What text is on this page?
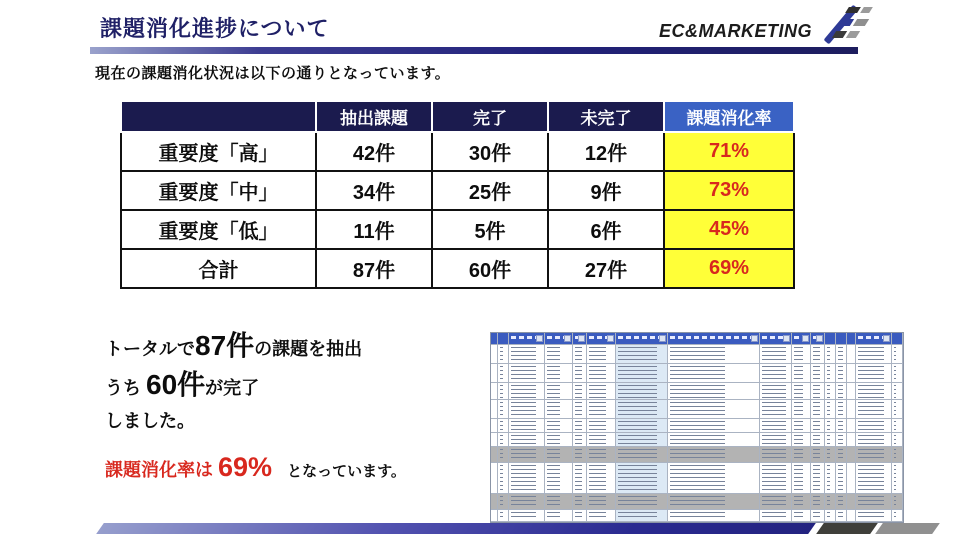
課題消化進捗について	EC&MARKETING
現在の課題消化状況は以下の通りとなっています。
	抽出課題	完了	未完了	課題消化率
重要度「高」	42件	30件	12件	71%
重要度「中」	34件	25件	9件	73%
重要度「低」	11件	5件	6件	45%
合計	87件	60件	27件	69%
トータルで87件の課題を抽出
うち 60件が完了
しました。
課題消化率は 69%　となっています。
